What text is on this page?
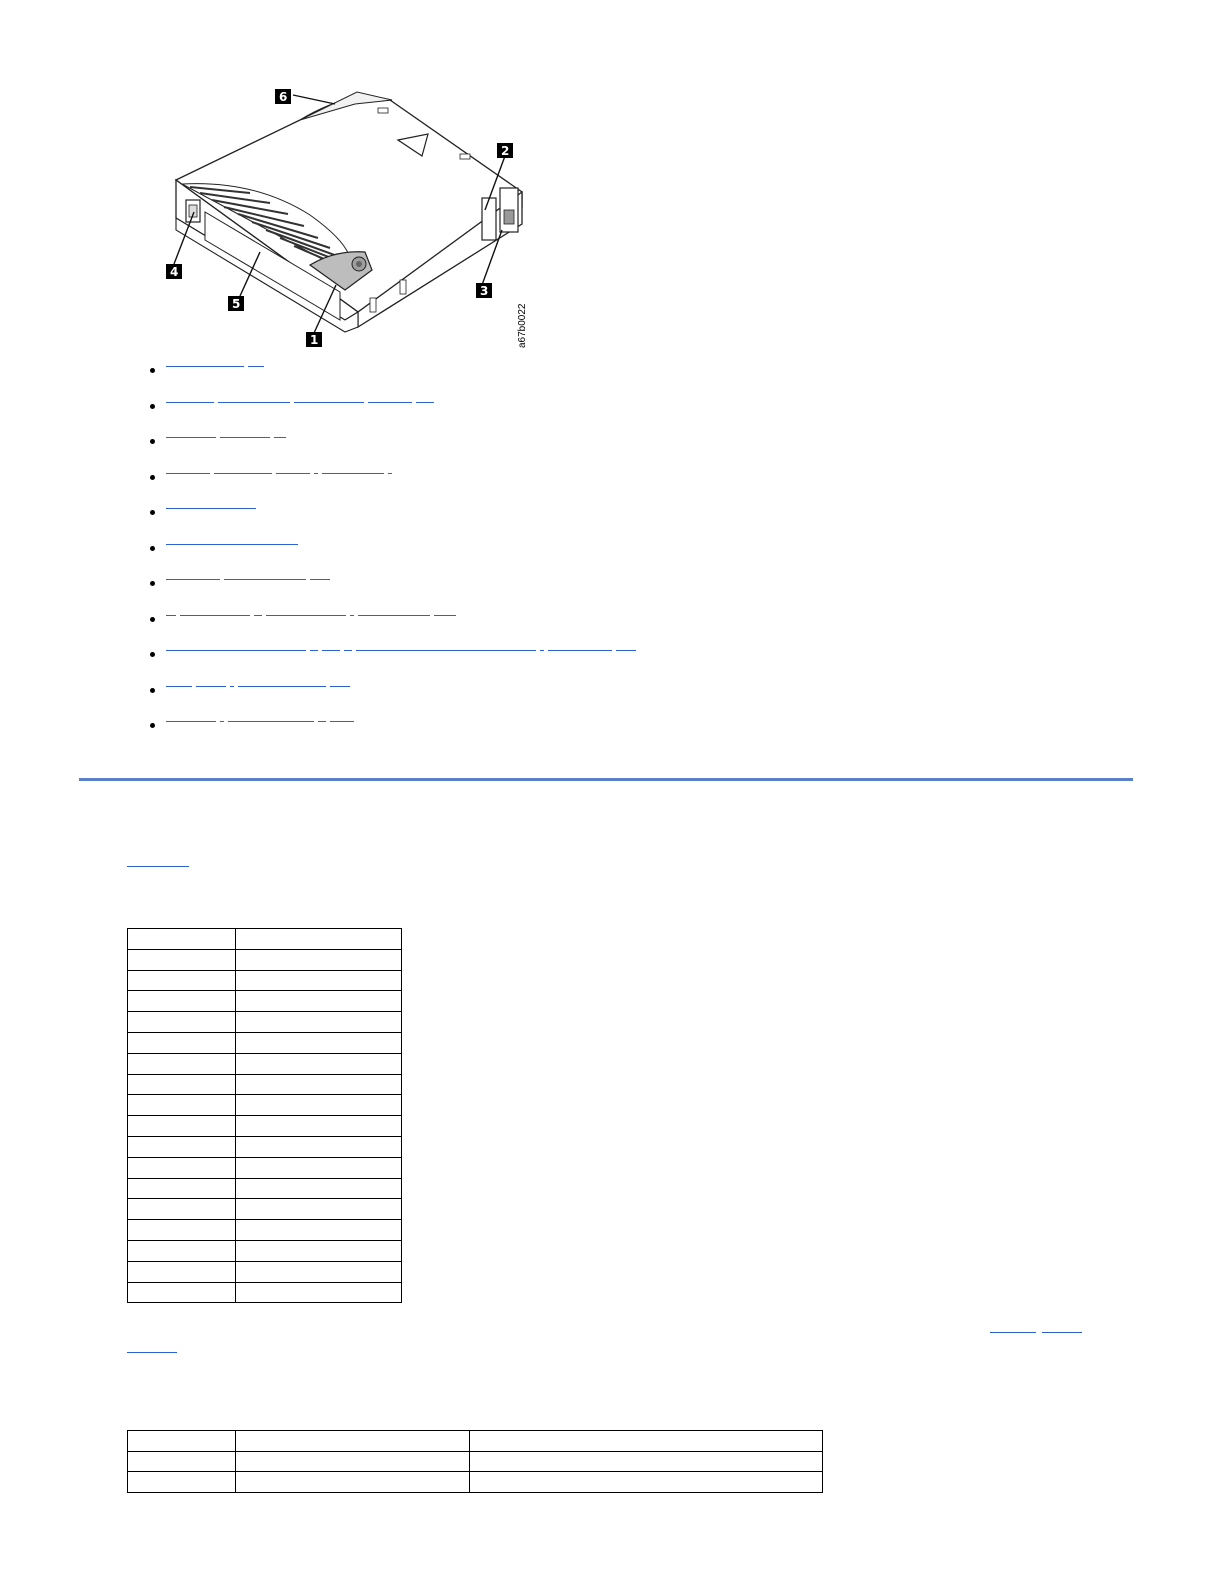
1
2
3
4
5
6
a67b0022
